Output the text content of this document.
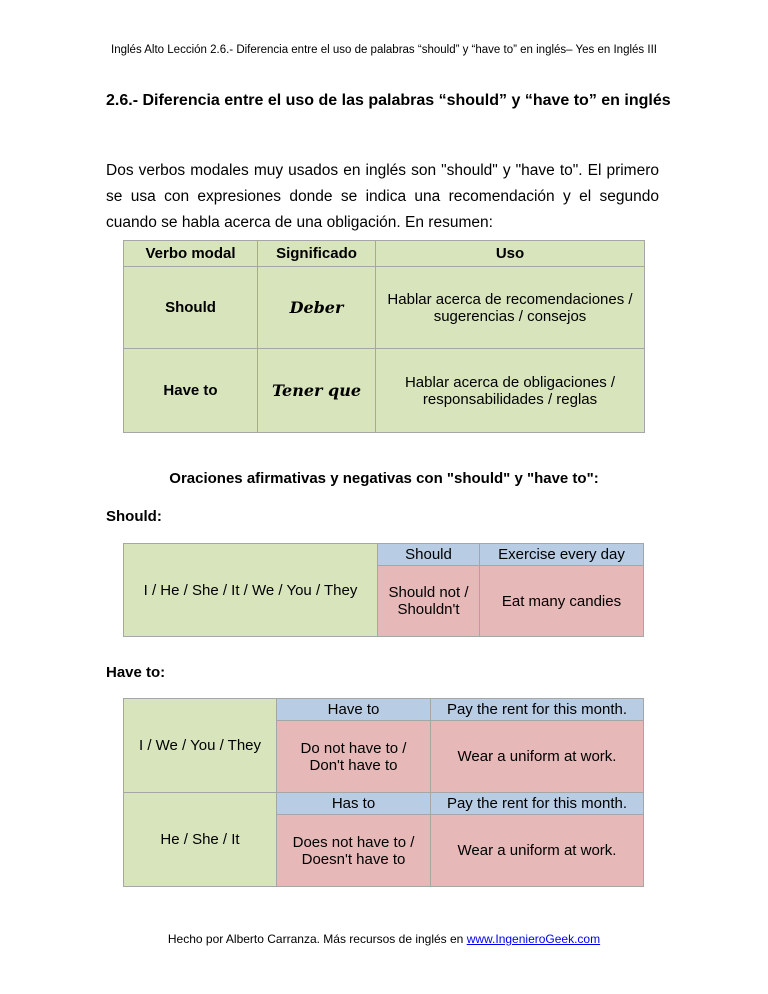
Inglés Alto Lección 2.6.- Diferencia entre el uso de palabras “should” y “have to” en inglés– Yes en Inglés III
2.6.- Diferencia entre el uso de las palabras “should” y “have to” en inglés
Dos verbos modales muy usados en inglés son "should" y "have to". El primero se usa con expresiones donde se indica una recomendación y el segundo cuando se habla acerca de una obligación. En resumen:
Verbo modal	Significado	Uso
Should	Deber	Hablar acerca de recomendaciones / sugerencias / consejos
Have to	Tener que	Hablar acerca de obligaciones / responsabilidades / reglas
Oraciones afirmativas y negativas con "should" y "have to":
Should:
I / He / She / It / We / You / They	Should	Exercise every day
	Should not / Shouldn't	Eat many candies
Have to:
I / We / You / They	Have to	Pay the rent for this month.
	Do not have to / Don't have to	Wear a uniform at work.
He / She / It	Has to	Pay the rent for this month.
	Does not have to / Doesn't have to	Wear a uniform at work.
Hecho por Alberto Carranza. Más recursos de inglés en www.IngenieroGeek.com
